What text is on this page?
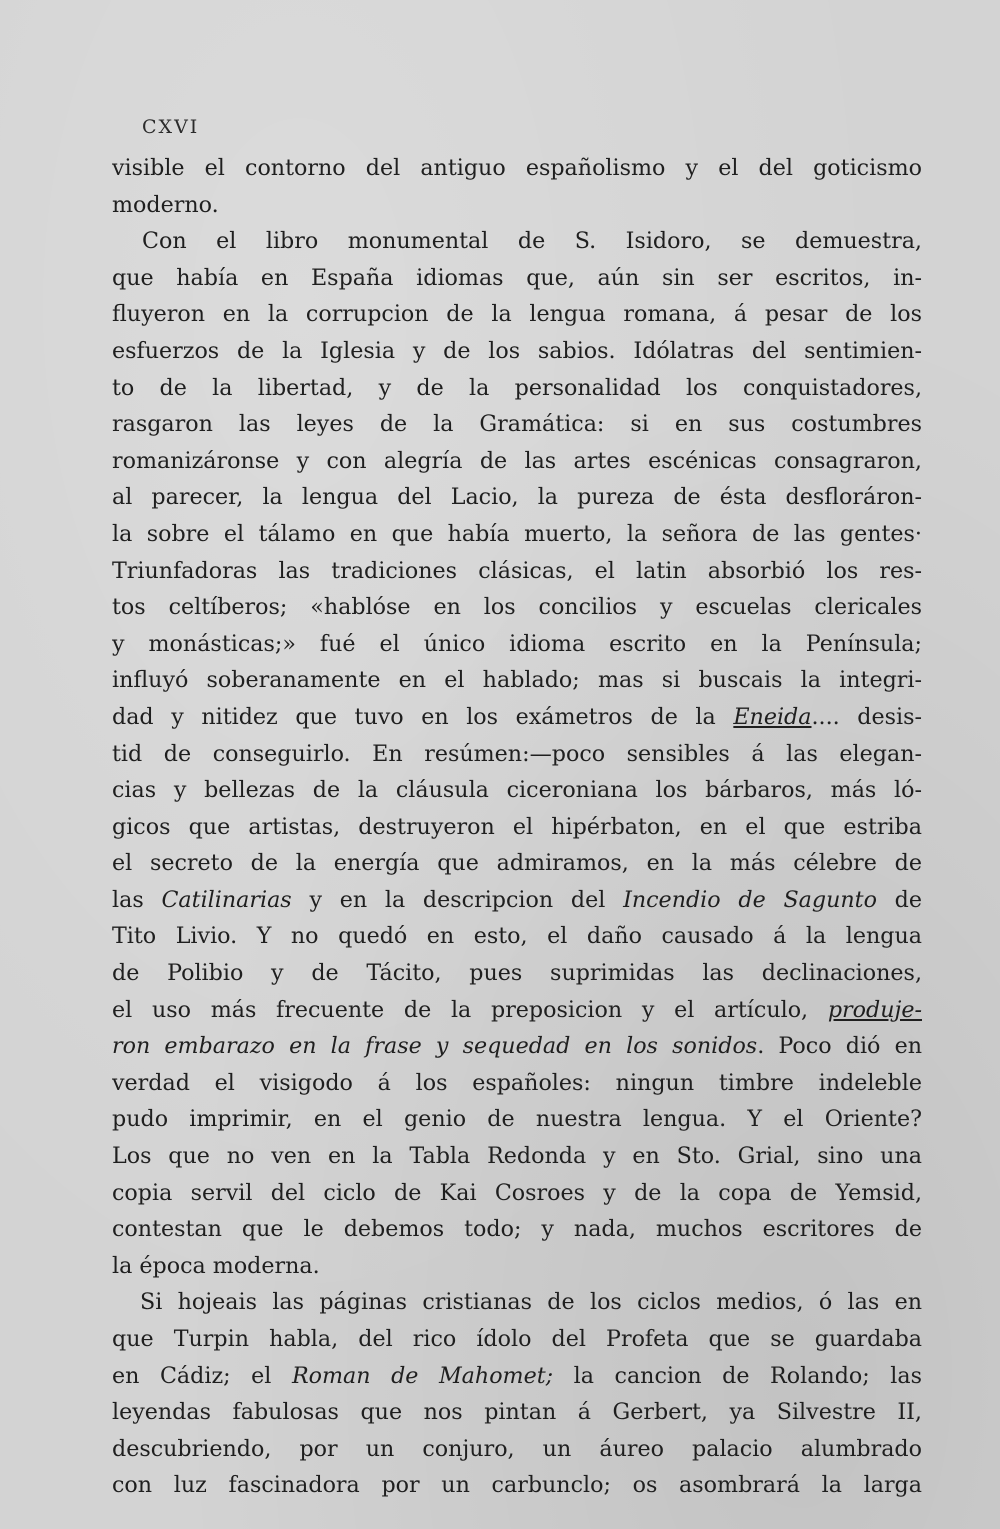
CXVI
visible el contorno del antiguo españolismo y el del goticismo
moderno.
Con el libro monumental de S. Isidoro, se demuestra,
que había en España idiomas que, aún sin ser escritos, in-
fluyeron en la corrupcion de la lengua romana, á pesar de los
esfuerzos de la Iglesia y de los sabios. Idólatras del sentimien-
to de la libertad, y de la personalidad los conquistadores,
rasgaron las leyes de la Gramática: si en sus costumbres
romanizáronse y con alegría de las artes escénicas consagraron,
al parecer, la lengua del Lacio, la pureza de ésta desfloráron-
la sobre el tálamo en que había muerto, la señora de las gentes·
Triunfadoras las tradiciones clásicas, el latin absorbió los res-
tos celtíberos; «hablóse en los concilios y escuelas clericales
y monásticas;» fué el único idioma escrito en la Península;
influyó soberanamente en el hablado; mas si buscais la integri-
dad y nitidez que tuvo en los exámetros de la Eneida.... desis-
tid de conseguirlo. En resúmen:—poco sensibles á las elegan-
cias y bellezas de la cláusula ciceroniana los bárbaros, más ló-
gicos que artistas, destruyeron el hipérbaton, en el que estriba
el secreto de la energía que admiramos, en la más célebre de
las Catilinarias y en la descripcion del Incendio de Sagunto de
Tito Livio. Y no quedó en esto, el daño causado á la lengua
de Polibio y de Tácito, pues suprimidas las declinaciones,
el uso más frecuente de la preposicion y el artículo, produje-
ron embarazo en la frase y sequedad en los sonidos. Poco dió en
verdad el visigodo á los españoles: ningun timbre indeleble
pudo imprimir, en el genio de nuestra lengua. Y el Oriente?
Los que no ven en la Tabla Redonda y en Sto. Grial, sino una
copia servil del ciclo de Kai Cosroes y de la copa de Yemsid,
contestan que le debemos todo; y nada, muchos escritores de
la época moderna.
Si hojeais las páginas cristianas de los ciclos medios, ó las en
que Turpin habla, del rico ídolo del Profeta que se guardaba
en Cádiz; el Roman de Mahomet; la cancion de Rolando; las
leyendas fabulosas que nos pintan á Gerbert, ya Silvestre II,
descubriendo, por un conjuro, un áureo palacio alumbrado
con luz fascinadora por un carbunclo; os asombrará la larga
